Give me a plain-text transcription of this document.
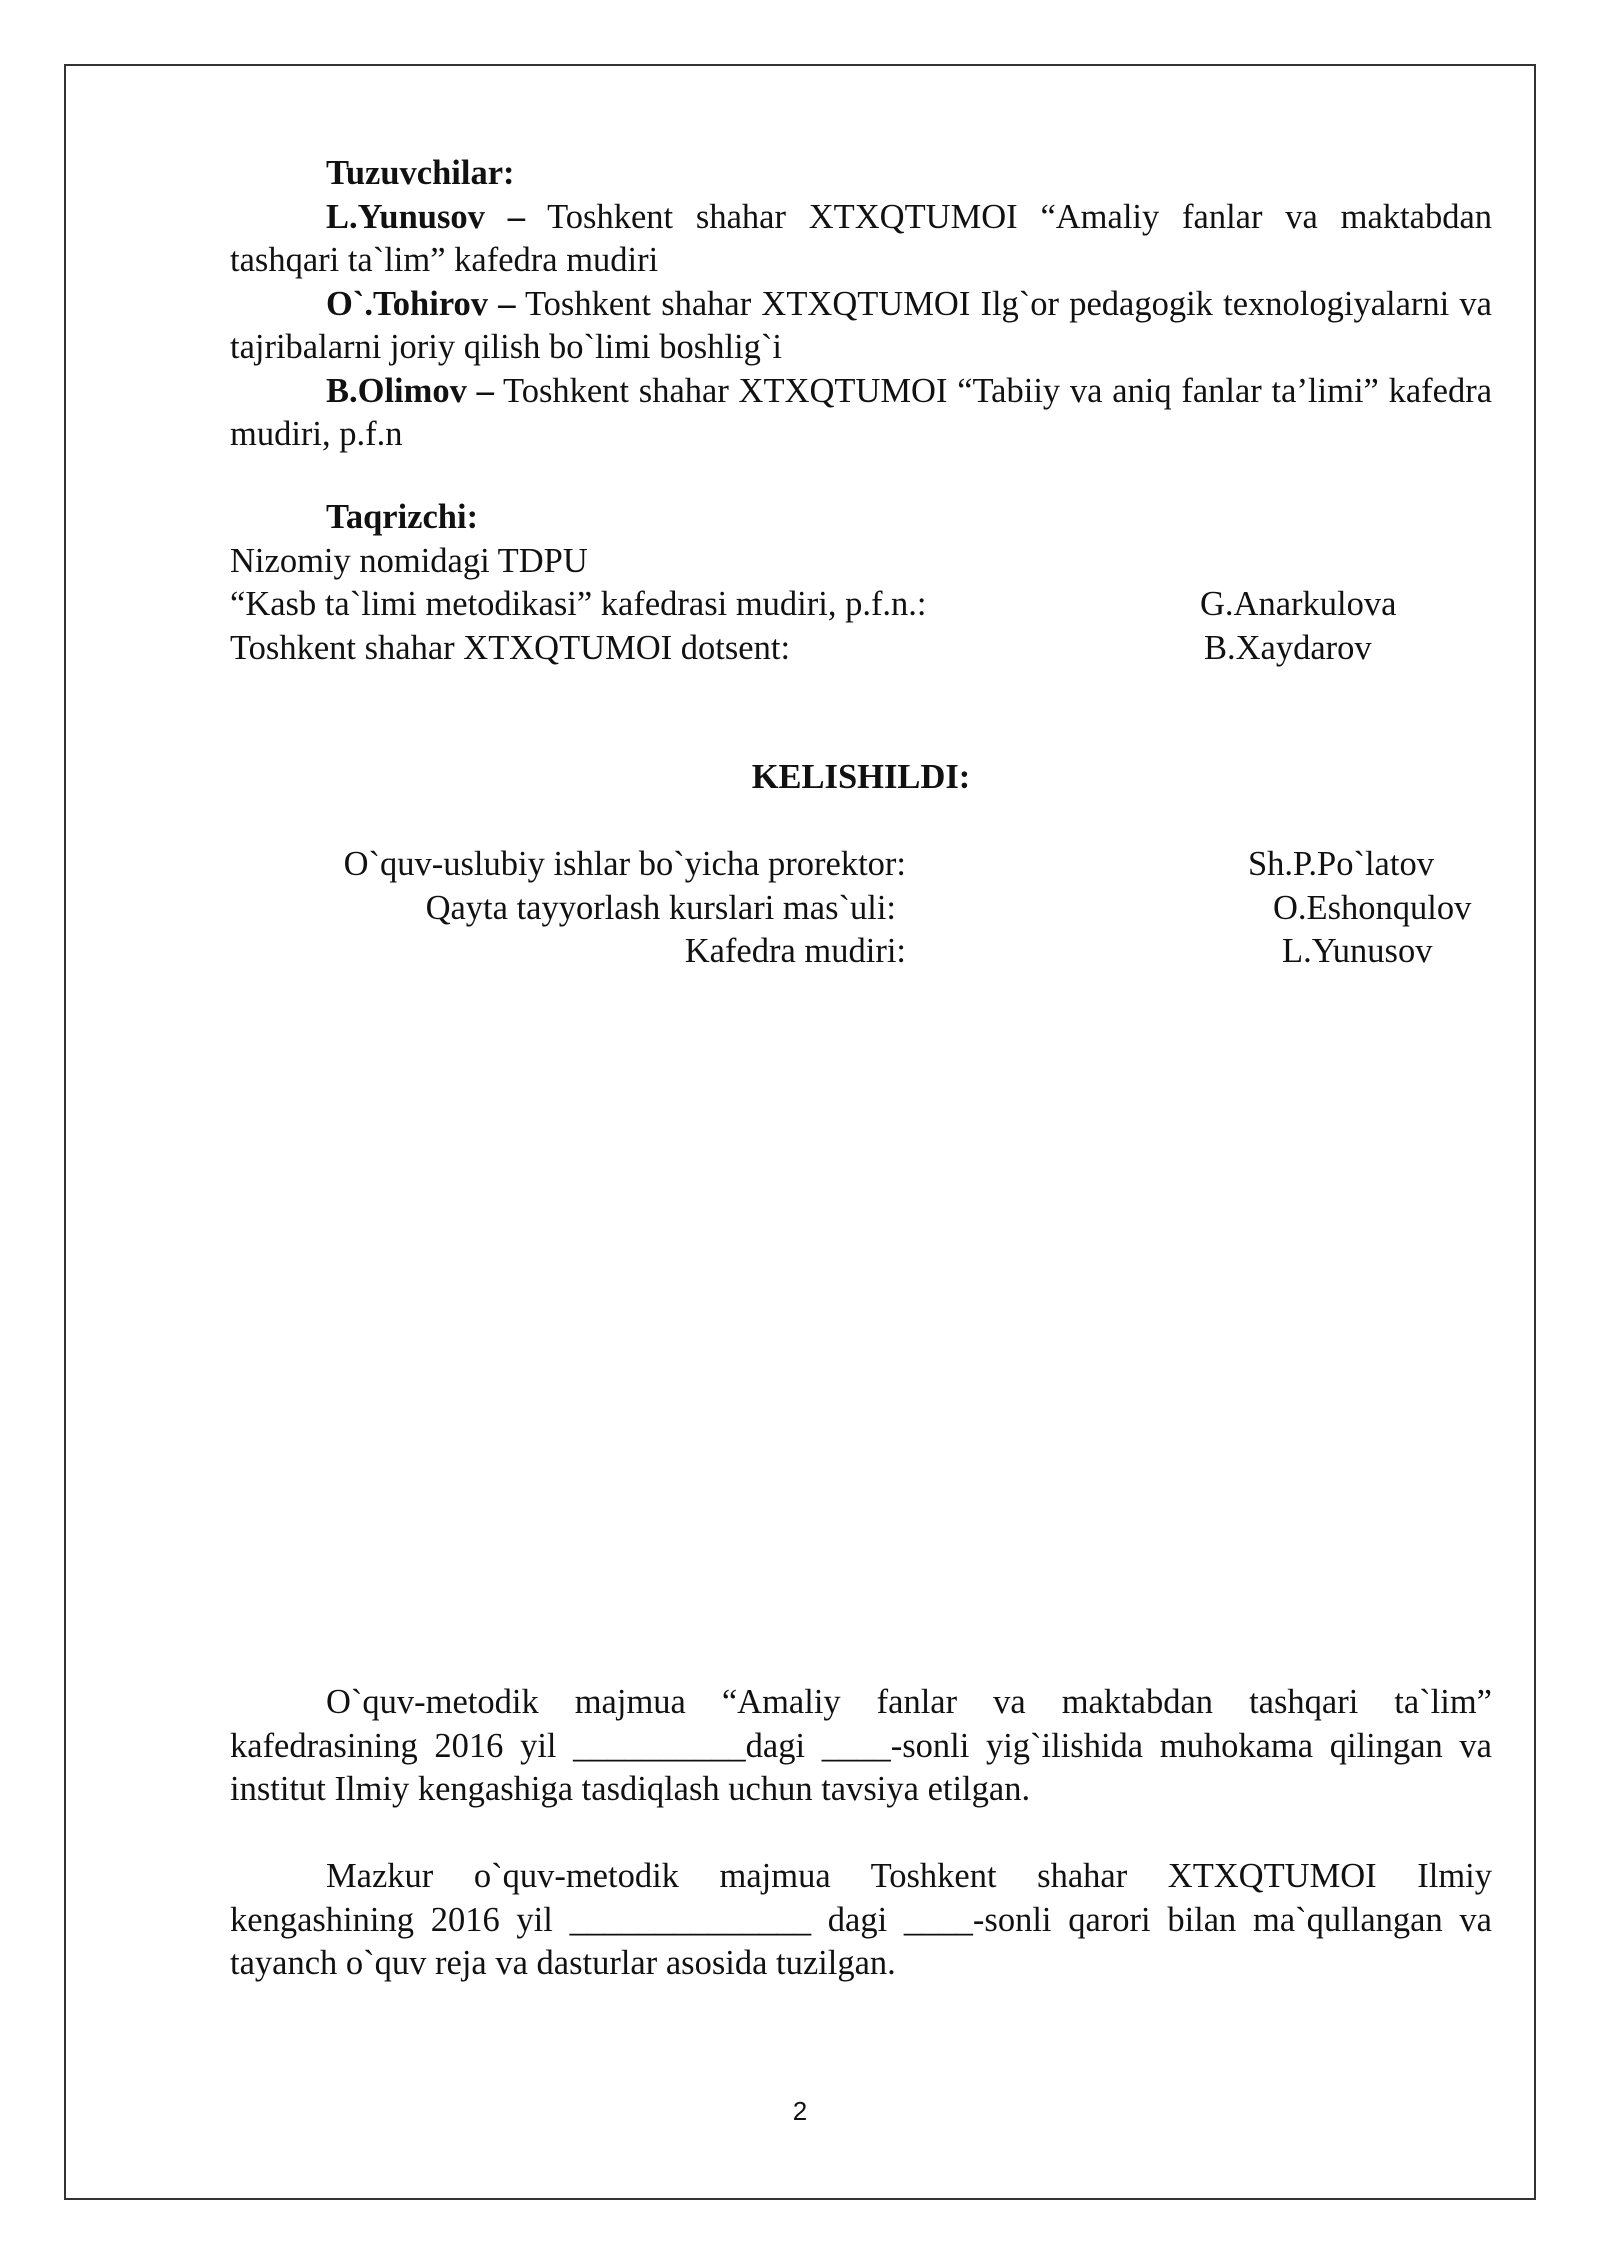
Tuzuvchilar:

L.Yunusov – Toshkent shahar XTXQTUMOI “Amaliy fanlar va maktabdan tashqari ta`lim” kafedra mudiri

O`.Tohirov – Toshkent shahar XTXQTUMOI Ilg`or pedagogik texnologiyalarni va tajribalarni joriy qilish bo`limi boshlig`i

B.Olimov – Toshkent shahar XTXQTUMOI “Tabiiy va aniq fanlar ta’limi” kafedra mudiri, p.f.n

Taqrizchi:

Nizomiy nomidagi TDPU

“Kasb ta`limi metodikasi” kafedrasi mudiri, p.f.n.:	G.Anarkulova
Toshkent shahar XTXQTUMOI dotsent:	B.Xaydarov
KELISHILDI:
O`quv-uslubiy ishlar bo`yicha prorektor:	Sh.P.Po`latov
Qayta tayyorlash kurslari mas`uli:	O.Eshonqulov
Kafedra mudiri:	L.Yunusov

O`quv-metodik majmua “Amaliy fanlar va maktabdan tashqari ta`lim” kafedrasining 2016 yil __________dagi ____-sonli yig`ilishida muhokama qilingan va institut Ilmiy kengashiga tasdiqlash uchun tavsiya etilgan.

Mazkur o`quv-metodik majmua Toshkent shahar XTXQTUMOI Ilmiy kengashining 2016 yil ______________ dagi ____-sonli qarori bilan ma`qullangan va tayanch o`quv reja va dasturlar asosida tuzilgan.

2
